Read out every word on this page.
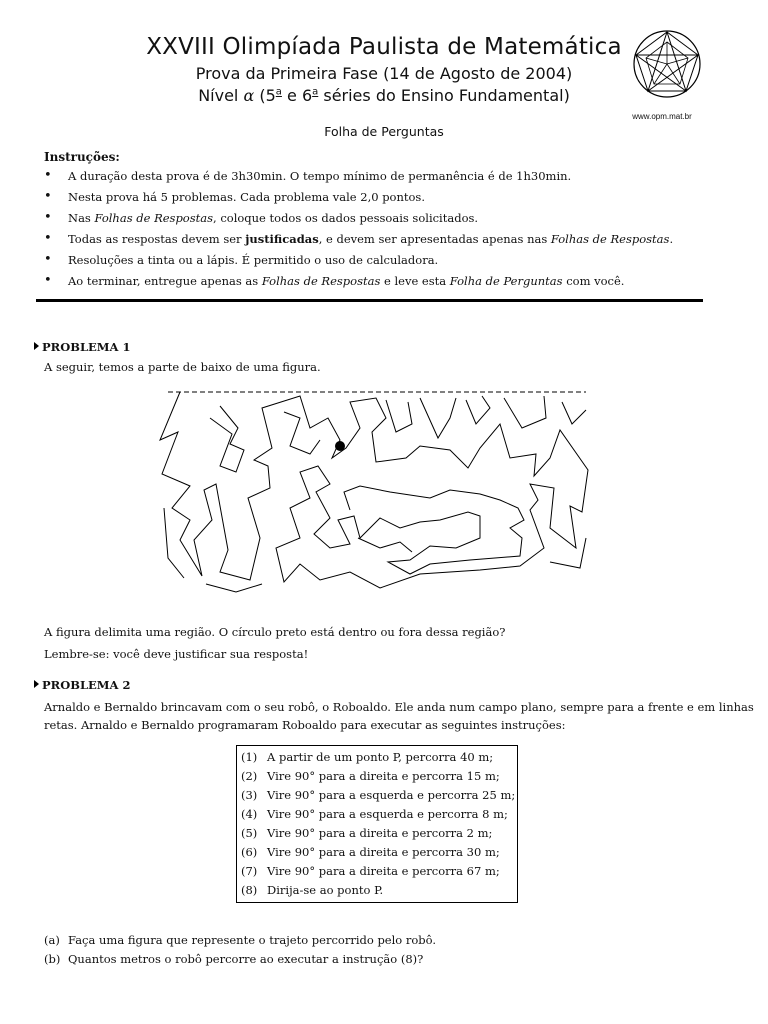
XXVIII Olimpíada Paulista de Matemática
Prova da Primeira Fase (14 de Agosto de 2004)
Nível α (5$^a$ e 6$^a$ séries do Ensino Fundamental)
www.opm.mat.br
Folha de Perguntas
Instruções:
• A duração desta prova é de 3h30min. O tempo mínimo de permanência é de 1h30min.
• Nesta prova há 5 problemas. Cada problema vale 2,0 pontos.
• Nas Folhas de Respostas, coloque todos os dados pessoais solicitados.
• Todas as respostas devem ser justificadas, e devem ser apresentadas apenas nas Folhas de Respostas.
• Resoluções a tinta ou a lápis. É permitido o uso de calculadora.
• Ao terminar, entregue apenas as Folhas de Respostas e leve esta Folha de Perguntas com você.
PROBLEMA 1
A seguir, temos a parte de baixo de uma figura.
A figura delimita uma região. O círculo preto está dentro ou fora dessa região?
Lembre-se: você deve justificar sua resposta!
PROBLEMA 2
Arnaldo e Bernaldo brincavam com o seu robô, o Roboaldo. Ele anda num campo plano, sempre para a frente e em linhas
retas. Arnaldo e Bernaldo programaram Roboaldo para executar as seguintes instruções:
(1) A partir de um ponto P, percorra 40 m;
(2) Vire 90° para a direita e percorra 15 m;
(3) Vire 90° para a esquerda e percorra 25 m;
(4) Vire 90° para a esquerda e percorra 8 m;
(5) Vire 90° para a direita e percorra 2 m;
(6) Vire 90° para a direita e percorra 30 m;
(7) Vire 90° para a direita e percorra 67 m;
(8) Dirija-se ao ponto P.
(a) Faça uma figura que represente o trajeto percorrido pelo robô.
(b) Quantos metros o robô percorre ao executar a instrução (8)?
